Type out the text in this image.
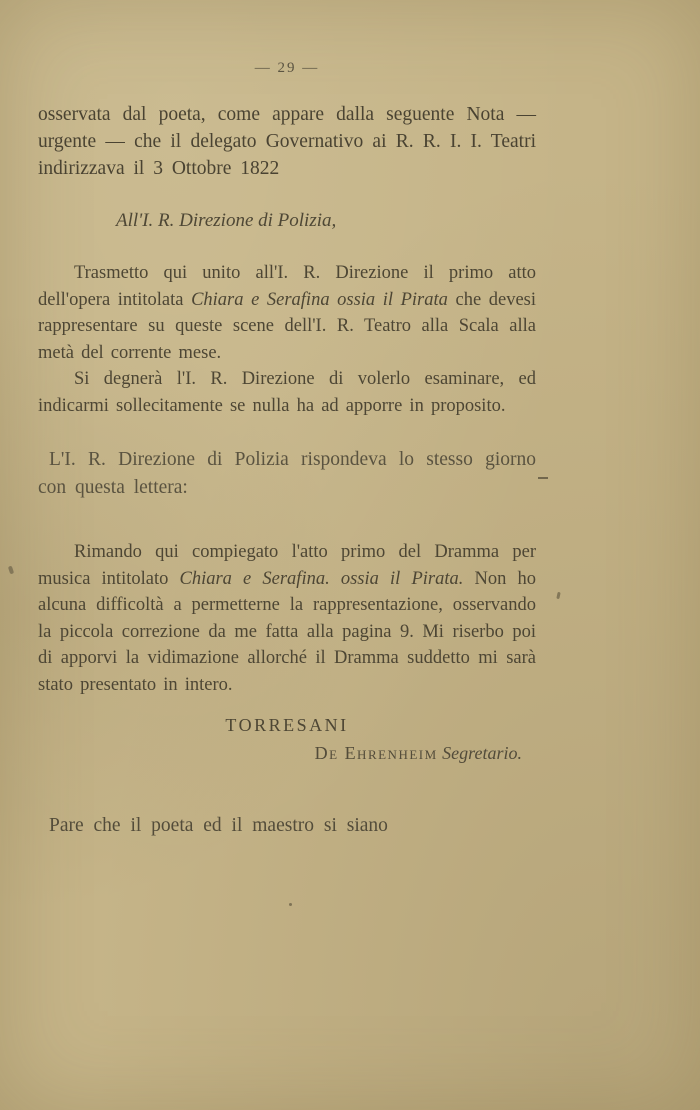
— 29 —

osservata dal poeta, come appare dalla seguente Nota — urgente — che il delegato Governativo ai R. R. I. I. Teatri indirizzava il 3 Ottobre 1822

All'I. R. Direzione di Polizia,

Trasmetto qui unito all'I. R. Direzione il primo atto dell'opera intitolata Chiara e Serafina ossia il Pirata che devesi rappresentare su queste scene dell'I. R. Teatro alla Scala alla metà del corrente mese.

Si degnerà l'I. R. Direzione di volerlo esaminare, ed indicarmi sollecitamente se nulla ha ad apporre in proposito.

L'I. R. Direzione di Polizia rispondeva lo stesso giorno con questa lettera:

Rimando qui compiegato l'atto primo del Dramma per musica intitolato Chiara e Serafina. ossia il Pirata. Non ho alcuna difficoltà a permetterne la rappresentazione, osservando la piccola correzione da me fatta alla pagina 9. Mi riserbo poi di apporvi la vidimazione allorché il Dramma suddetto mi sarà stato presentato in intero.

TORRESANI
De Ehrenheim Segretario.

Pare che il poeta ed il maestro si siano
